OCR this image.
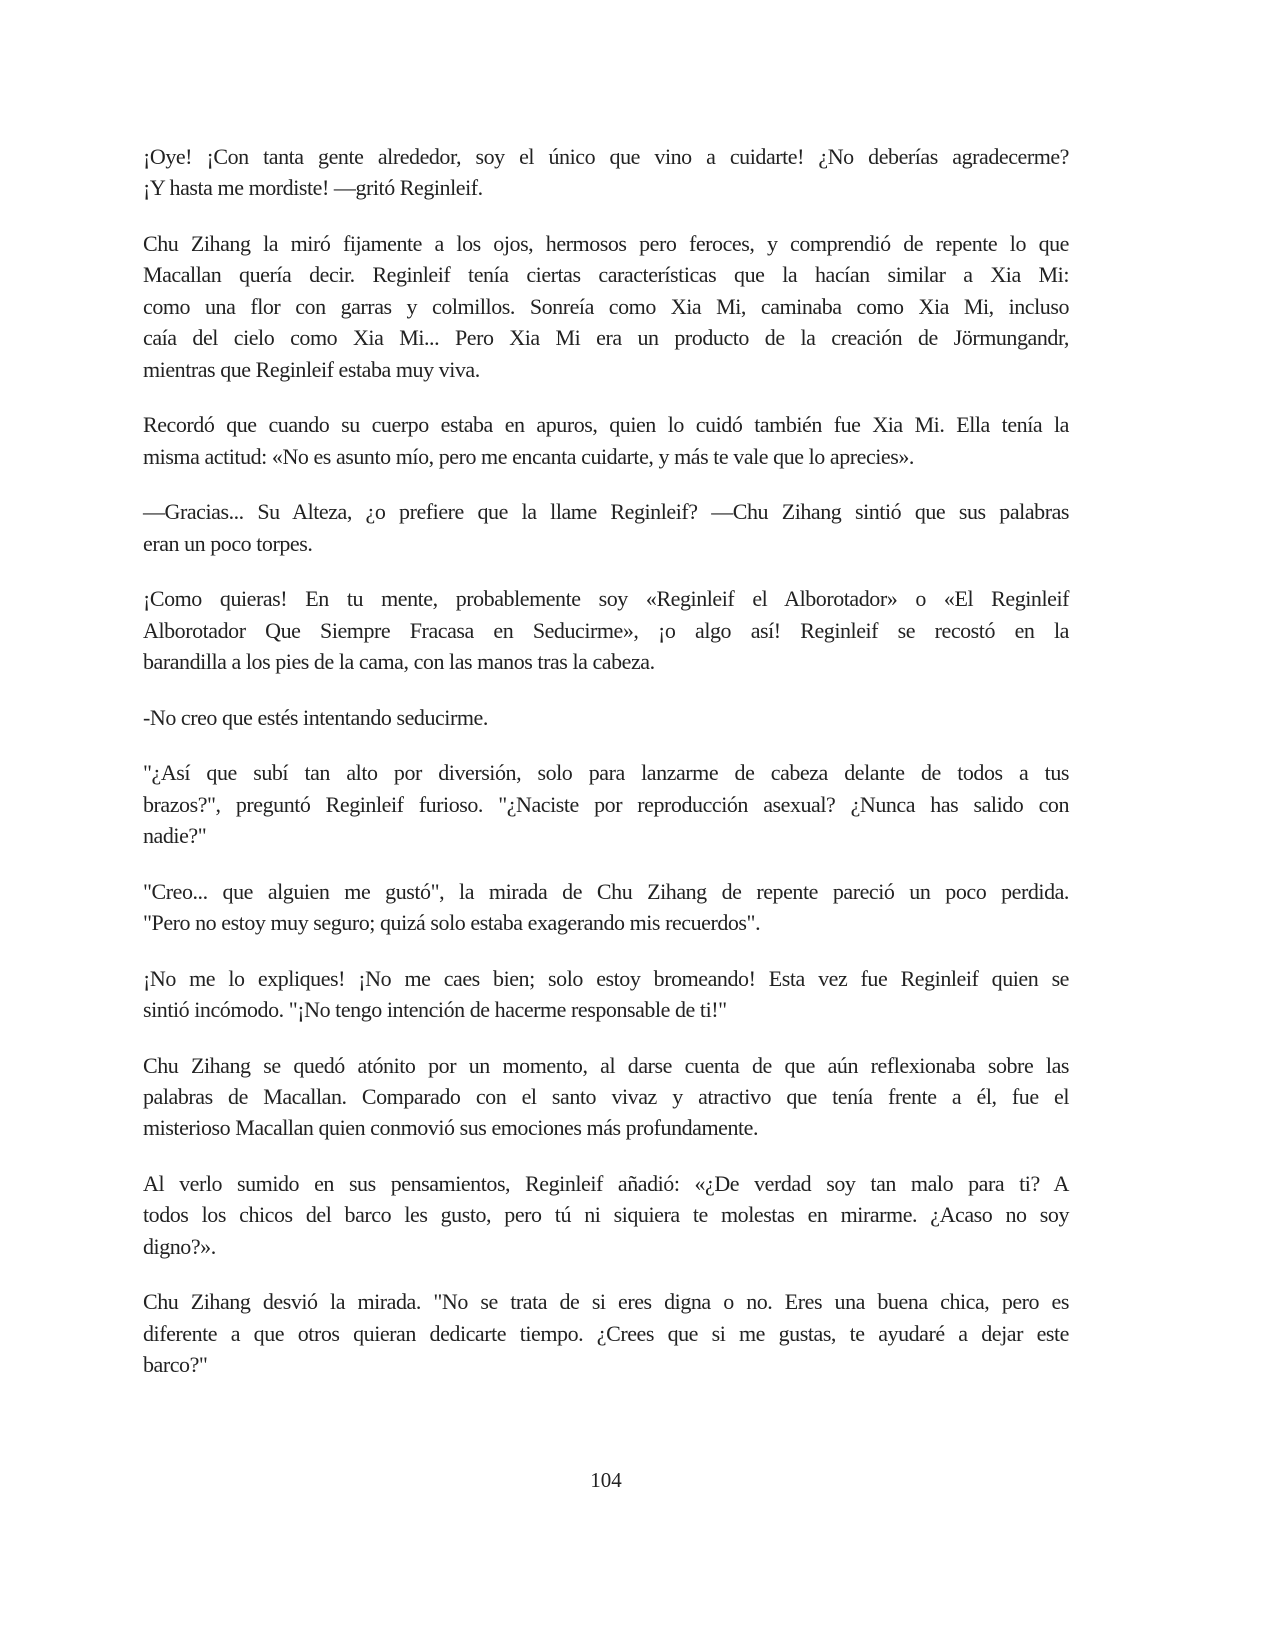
¡Oye! ¡Con tanta gente alrededor, soy el único que vino a cuidarte! ¿No deberías agradecerme?
¡Y hasta me mordiste! —gritó Reginleif.
Chu Zihang la miró fijamente a los ojos, hermosos pero feroces, y comprendió de repente lo que
Macallan quería decir. Reginleif tenía ciertas características que la hacían similar a Xia Mi:
como una flor con garras y colmillos. Sonreía como Xia Mi, caminaba como Xia Mi, incluso
caía del cielo como Xia Mi... Pero Xia Mi era un producto de la creación de Jörmungandr,
mientras que Reginleif estaba muy viva.
Recordó que cuando su cuerpo estaba en apuros, quien lo cuidó también fue Xia Mi. Ella tenía la
misma actitud: «No es asunto mío, pero me encanta cuidarte, y más te vale que lo aprecies».
—Gracias... Su Alteza, ¿o prefiere que la llame Reginleif? —Chu Zihang sintió que sus palabras
eran un poco torpes.
¡Como quieras! En tu mente, probablemente soy «Reginleif el Alborotador» o «El Reginleif
Alborotador Que Siempre Fracasa en Seducirme», ¡o algo así! Reginleif se recostó en la
barandilla a los pies de la cama, con las manos tras la cabeza.
-No creo que estés intentando seducirme.
"¿Así que subí tan alto por diversión, solo para lanzarme de cabeza delante de todos a tus
brazos?", preguntó Reginleif furioso. "¿Naciste por reproducción asexual? ¿Nunca has salido con
nadie?"
"Creo... que alguien me gustó", la mirada de Chu Zihang de repente pareció un poco perdida.
"Pero no estoy muy seguro; quizá solo estaba exagerando mis recuerdos".
¡No me lo expliques! ¡No me caes bien; solo estoy bromeando! Esta vez fue Reginleif quien se
sintió incómodo. "¡No tengo intención de hacerme responsable de ti!"
Chu Zihang se quedó atónito por un momento, al darse cuenta de que aún reflexionaba sobre las
palabras de Macallan. Comparado con el santo vivaz y atractivo que tenía frente a él, fue el
misterioso Macallan quien conmovió sus emociones más profundamente.
Al verlo sumido en sus pensamientos, Reginleif añadió: «¿De verdad soy tan malo para ti? A
todos los chicos del barco les gusto, pero tú ni siquiera te molestas en mirarme. ¿Acaso no soy
digno?».
Chu Zihang desvió la mirada. "No se trata de si eres digna o no. Eres una buena chica, pero es
diferente a que otros quieran dedicarte tiempo. ¿Crees que si me gustas, te ayudaré a dejar este
barco?"
104
